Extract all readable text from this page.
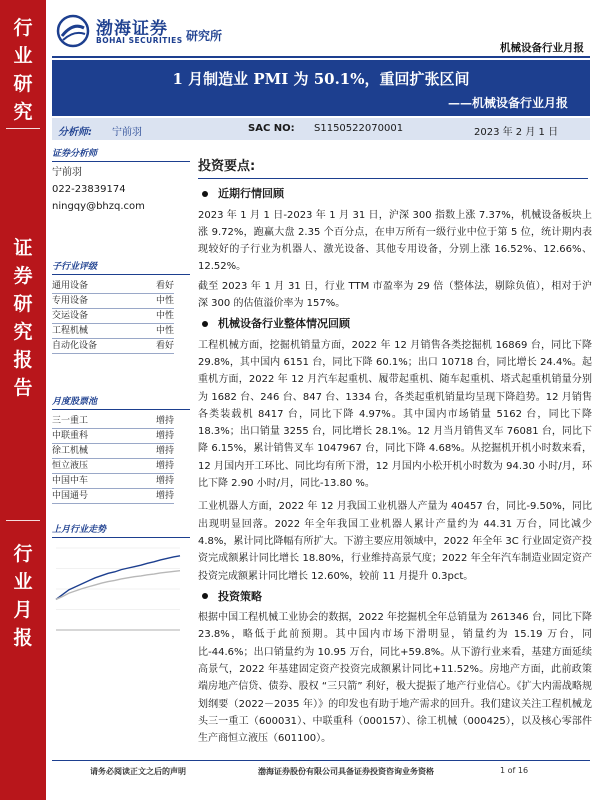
行
业
研
究
证
券
研
究
报
告
行
业
月
报
渤海证券
BOHAI SECURITIES 研究所
机械设备行业月报
1 月制造业 PMI 为 50.1%，重回扩张区间
——机械设备行业月报
分析师: 宁前羽	SAC NO: S1150522070001	2023 年 2 月 1 日
证券分析师
宁前羽
022-23839174
ningqy@bhzq.com
子行业评级
通用设备	看好
专用设备	中性
交运设备	中性
工程机械	中性
自动化设备	看好
月度股票池
三一重工	增持
中联重科	增持
徐工机械	增持
恒立液压	增持
中国中车	增持
中国通号	增持
上月行业走势
投资要点:
近期行情回顾
2023 年 1 月 1 日-2023 年 1 月 31 日，沪深 300 指数上涨 7.37%，机械设备板块上涨 9.72%，跑赢大盘 2.35 个百分点，在申万所有一级行业中位于第 5 位，统计期内表现较好的子行业为机器人、激光设备、其他专用设备，分别上涨 16.52%、12.66%、12.52%。
截至 2023 年 1 月 31 日，行业 TTM 市盈率为 29 倍（整体法，剔除负值），相对于沪深 300 的估值溢价率为 157%。
机械设备行业整体情况回顾
工程机械方面，挖掘机销量方面，2022 年 12 月销售各类挖掘机 16869 台，同比下降 29.8%，其中国内 6151 台，同比下降 60.1%；出口 10718 台，同比增长 24.4%。起重机方面，2022 年 12 月汽车起重机、履带起重机、随车起重机、塔式起重机销量分别为 1682 台、246 台、847 台、1334 台，各类起重机销量均呈现下降趋势。12 月销售各类装载机 8417 台，同比下降 4.97%。其中国内市场销量 5162 台，同比下降 18.3%；出口销量 3255 台，同比增长 28.1%。12 月当月销售叉车 76081 台，同比下降 6.15%，累计销售叉车 1047967 台，同比下降 4.68%。从挖掘机开机小时数来看，12 月国内开工环比、同比均有所下滑，12 月国内小松开机小时数为 94.30 小时/月，环比下降 2.90 小时/月，同比-13.80 %。
工业机器人方面，2022 年 12 月我国工业机器人产量为 40457 台，同比-9.50%，同比出现明显回落。2022 年全年我国工业机器人累计产量约为 44.31 万台，同比减少 4.8%，累计同比降幅有所扩大。下游主要应用领域中，2022 年全年 3C 行业固定资产投资完成额累计同比增长 18.80%，行业维持高景气度；2022 年全年汽车制造业固定资产投资完成额累计同比增长 12.60%，较前 11 月提升 0.3pct。
投资策略
根据中国工程机械工业协会的数据，2022 年挖掘机全年总销量为 261346 台，同比下降 23.8%，略低于此前预期。其中国内市场下滑明显，销量约为 15.19 万台，同比-44.6%；出口销量约为 10.95 万台，同比+59.8%。从下游行业来看，基建方面延续高景气，2022 年基建固定资产投资完成额累计同比+11.52%。房地产方面，此前政策端房地产信贷、债券、股权 “三只箭” 利好，极大提振了地产行业信心。《扩大内需战略规划纲要（2022－2035 年）》的印发也有助于地产需求的回升。我们建议关注工程机械龙头三一重工（600031）、中联重科（000157）、徐工机械（000425），以及核心零部件生产商恒立液压（601100）。
请务必阅读正文之后的声明	渤海证券股份有限公司具备证券投资咨询业务资格	1 of 16
